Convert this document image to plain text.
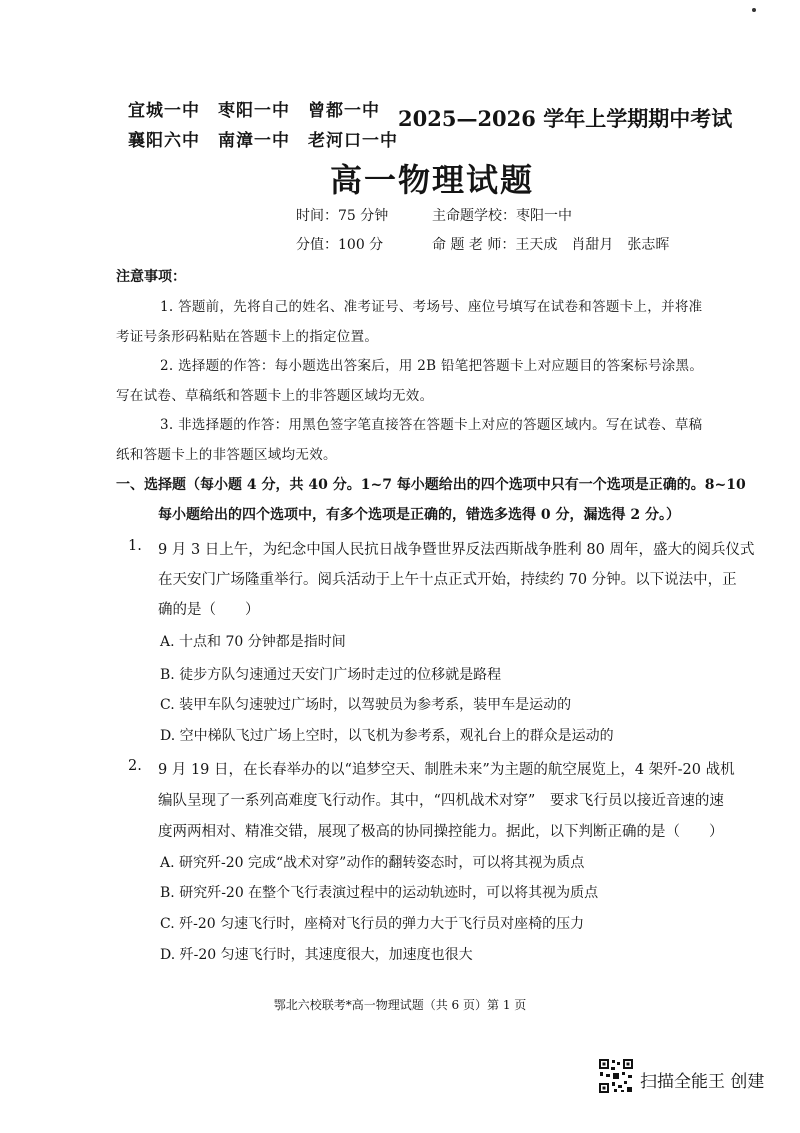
宜城一中　枣阳一中　曾都一中
襄阳六中　南漳一中　老河口一中
2025—2026 学年上学期期中考试
高一物理试题
时间：75 分钟	主命题学校：枣阳一中
分值：100 分	命 题 老 师：王天成　肖甜月　张志晖
注意事项：
1. 答题前，先将自己的姓名、准考证号、考场号、座位号填写在试卷和答题卡上，并将准
考证号条形码粘贴在答题卡上的指定位置。
2. 选择题的作答：每小题选出答案后，用 2B 铅笔把答题卡上对应题目的答案标号涂黑。
写在试卷、草稿纸和答题卡上的非答题区域均无效。
3. 非选择题的作答：用黑色签字笔直接答在答题卡上对应的答题区域内。写在试卷、草稿
纸和答题卡上的非答题区域均无效。
一、选择题（每小题 4 分，共 40 分。1~7 每小题给出的四个选项中只有一个选项是正确的。8~10
每小题给出的四个选项中，有多个选项是正确的，错选多选得 0 分，漏选得 2 分。）
1. 9 月 3 日上午，为纪念中国人民抗日战争暨世界反法西斯战争胜利 80 周年，盛大的阅兵仪式
在天安门广场隆重举行。阅兵活动于上午十点正式开始，持续约 70 分钟。以下说法中，正
确的是（　　）
A. 十点和 70 分钟都是指时间
B. 徒步方队匀速通过天安门广场时走过的位移就是路程
C. 装甲车队匀速驶过广场时，以驾驶员为参考系，装甲车是运动的
D. 空中梯队飞过广场上空时，以飞机为参考系，观礼台上的群众是运动的
2. 9 月 19 日，在长春举办的以“追梦空天、制胜未来”为主题的航空展览上，4 架歼-20 战机
编队呈现了一系列高难度飞行动作。其中，“四机战术对穿”　要求飞行员以接近音速的速
度两两相对、精准交错，展现了极高的协同操控能力。据此，以下判断正确的是（　　）
A. 研究歼-20 完成“战术对穿”动作的翻转姿态时，可以将其视为质点
B. 研究歼-20 在整个飞行表演过程中的运动轨迹时，可以将其视为质点
C. 歼-20 匀速飞行时，座椅对飞行员的弹力大于飞行员对座椅的压力
D. 歼-20 匀速飞行时，其速度很大，加速度也很大
鄂北六校联考*高一物理试题（共 6 页）第 1 页
扫描全能王 创建
